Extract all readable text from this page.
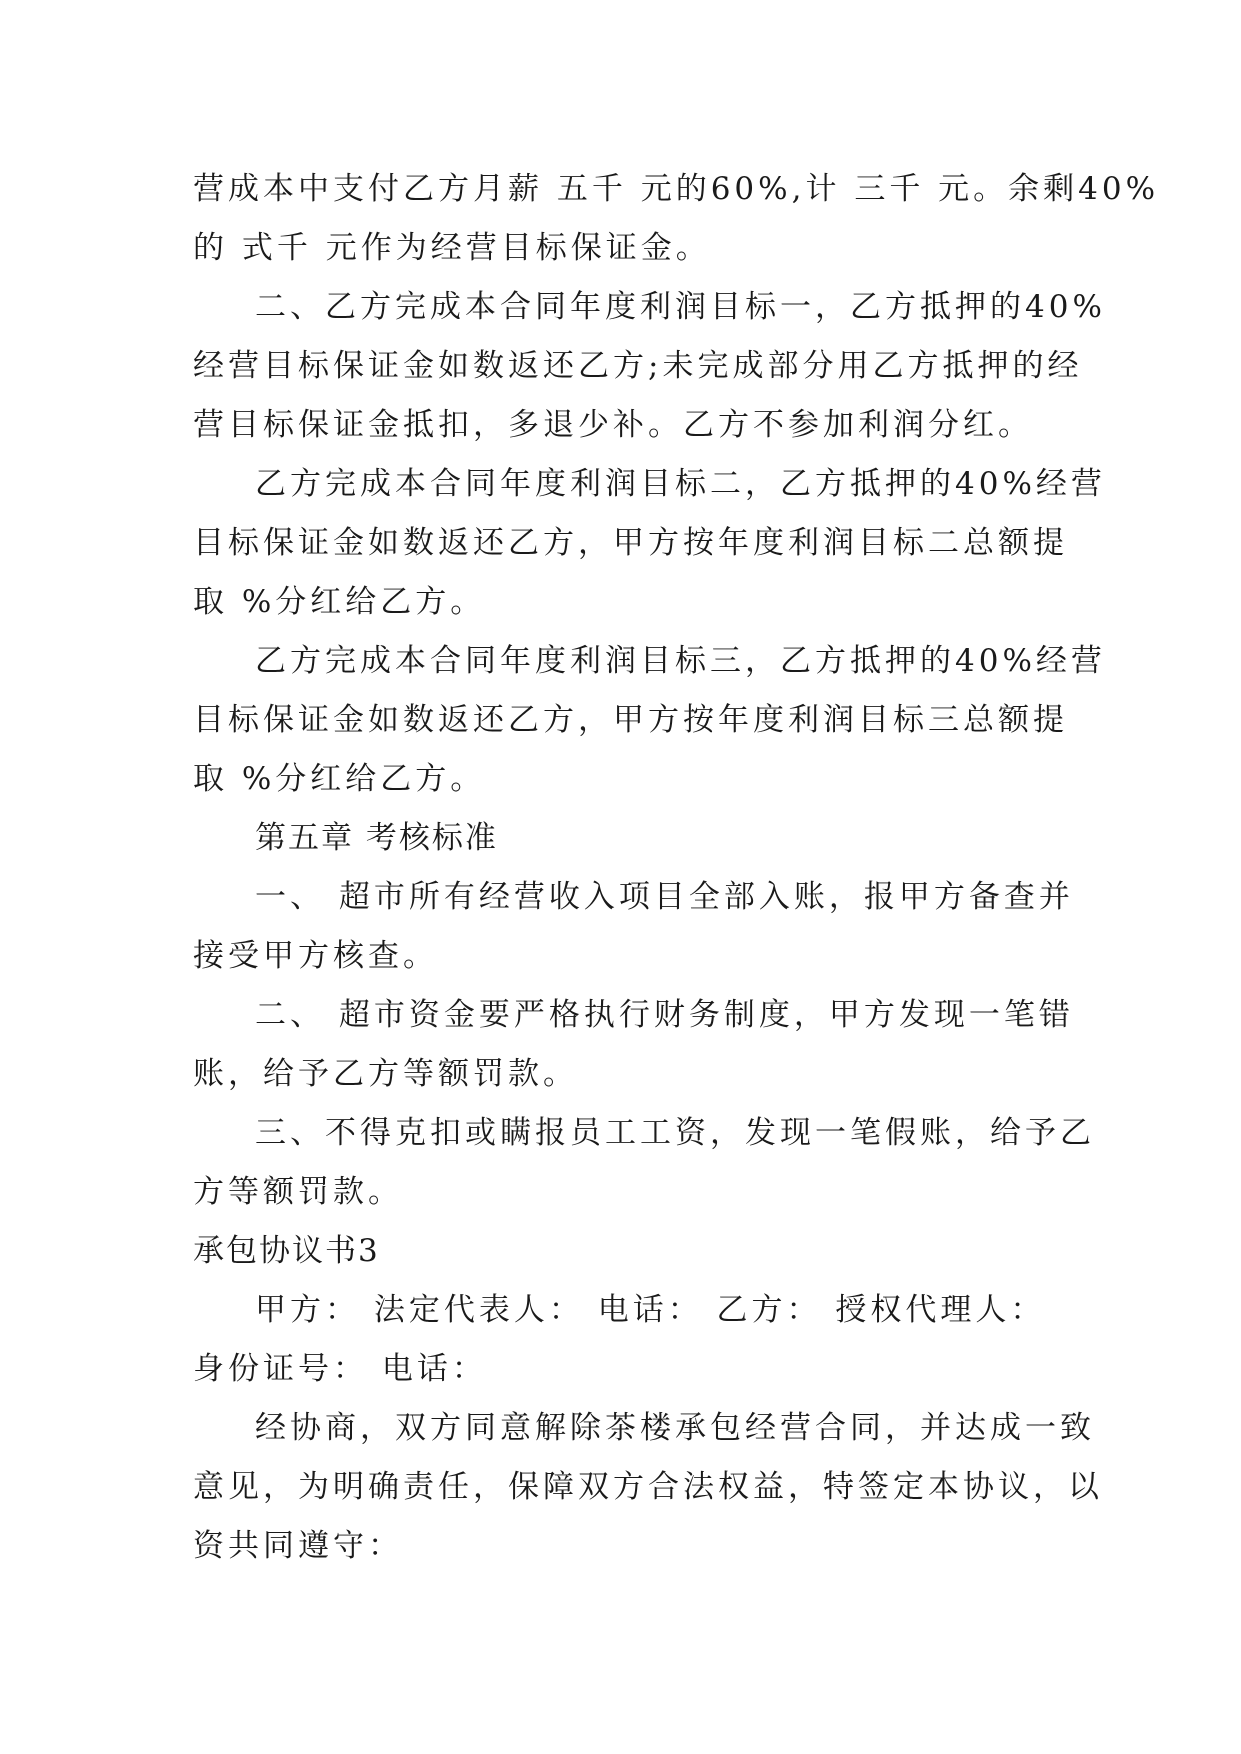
营成本中支付乙方月薪 五千 元的60%,计 三千 元。余剩40%
的 式千 元作为经营目标保证金。
二、乙方完成本合同年度利润目标一，乙方抵押的40%
经营目标保证金如数返还乙方;未完成部分用乙方抵押的经
营目标保证金抵扣，多退少补。乙方不参加利润分红。
乙方完成本合同年度利润目标二，乙方抵押的40%经营
目标保证金如数返还乙方，甲方按年度利润目标二总额提
取 %分红给乙方。
乙方完成本合同年度利润目标三，乙方抵押的40%经营
目标保证金如数返还乙方，甲方按年度利润目标三总额提
取 %分红给乙方。
第五章 考核标准
一、 超市所有经营收入项目全部入账，报甲方备查并
接受甲方核查。
二、 超市资金要严格执行财务制度，甲方发现一笔错
账，给予乙方等额罚款。
三、不得克扣或瞒报员工工资，发现一笔假账，给予乙
方等额罚款。
承包协议书3
甲方： 法定代表人： 电话： 乙方： 授权代理人：
身份证号： 电话：
经协商，双方同意解除茶楼承包经营合同，并达成一致
意见，为明确责任，保障双方合法权益，特签定本协议，以
资共同遵守：
